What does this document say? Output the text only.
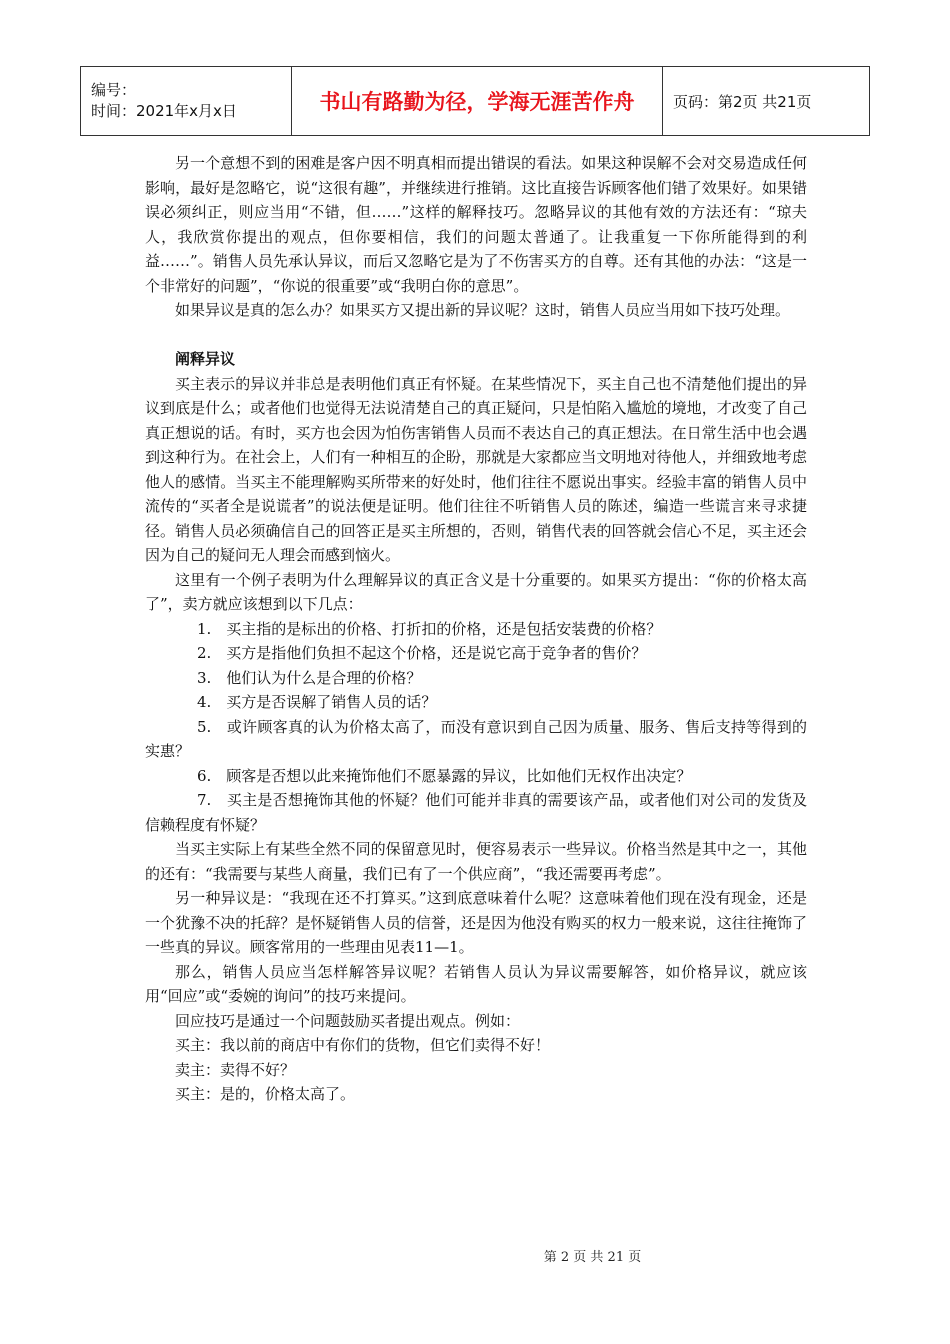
编号：
时间：2021年x月x日	书山有路勤为径，学海无涯苦作舟	页码：第2页 共21页

另一个意想不到的困难是客户因不明真相而提出错误的看法。如果这种误解不会对交易造成任何影响，最好是忽略它，说“这很有趣”，并继续进行推销。这比直接告诉顾客他们错了效果好。如果错误必须纠正，则应当用“不错，但……”这样的解释技巧。忽略异议的其他有效的方法还有：“琼夫人，我欣赏你提出的观点，但你要相信，我们的问题太普通了。让我重复一下你所能得到的利益……”。销售人员先承认异议，而后又忽略它是为了不伤害买方的自尊。还有其他的办法：“这是一个非常好的问题”，“你说的很重要”或“我明白你的意思”。

如果异议是真的怎么办？如果买方又提出新的异议呢？这时，销售人员应当用如下技巧处理。

阐释异议

买主表示的异议并非总是表明他们真正有怀疑。在某些情况下，买主自己也不清楚他们提出的异议到底是什么；或者他们也觉得无法说清楚自己的真正疑问，只是怕陷入尴尬的境地，才改变了自己真正想说的话。有时，买方也会因为怕伤害销售人员而不表达自己的真正想法。在日常生活中也会遇到这种行为。在社会上，人们有一种相互的企盼，那就是大家都应当文明地对待他人，并细致地考虑他人的感情。当买主不能理解购买所带来的好处时，他们往往不愿说出事实。经验丰富的销售人员中流传的“买者全是说谎者”的说法便是证明。他们往往不听销售人员的陈述，编造一些谎言来寻求捷径。销售人员必须确信自己的回答正是买主所想的，否则，销售代表的回答就会信心不足，买主还会因为自己的疑问无人理会而感到恼火。

这里有一个例子表明为什么理解异议的真正含义是十分重要的。如果买方提出：“你的价格太高了”，卖方就应该想到以下几点：

1.　买主指的是标出的价格、打折扣的价格，还是包括安装费的价格？

2.　买方是指他们负担不起这个价格，还是说它高于竞争者的售价？

3.　他们认为什么是合理的价格？

4.　买方是否误解了销售人员的话？

5.　或许顾客真的认为价格太高了，而没有意识到自己因为质量、服务、售后支持等得到的实惠？

6.　顾客是否想以此来掩饰他们不愿暴露的异议，比如他们无权作出决定？

7.　买主是否想掩饰其他的怀疑？他们可能并非真的需要该产品，或者他们对公司的发货及信赖程度有怀疑？

当买主实际上有某些全然不同的保留意见时，便容易表示一些异议。价格当然是其中之一，其他的还有：“我需要与某些人商量，我们已有了一个供应商”，“我还需要再考虑”。

另一种异议是：“我现在还不打算买。”这到底意味着什么呢？这意味着他们现在没有现金，还是一个犹豫不决的托辞？是怀疑销售人员的信誉，还是因为他没有购买的权力一般来说，这往往掩饰了一些真的异议。顾客常用的一些理由见表11—1。

那么，销售人员应当怎样解答异议呢？若销售人员认为异议需要解答，如价格异议，就应该用“回应”或“委婉的询问”的技巧来提问。

回应技巧是通过一个问题鼓励买者提出观点。例如：

买主：我以前的商店中有你们的货物，但它们卖得不好！

卖主：卖得不好？

买主：是的，价格太高了。

第 2 页 共 21 页
